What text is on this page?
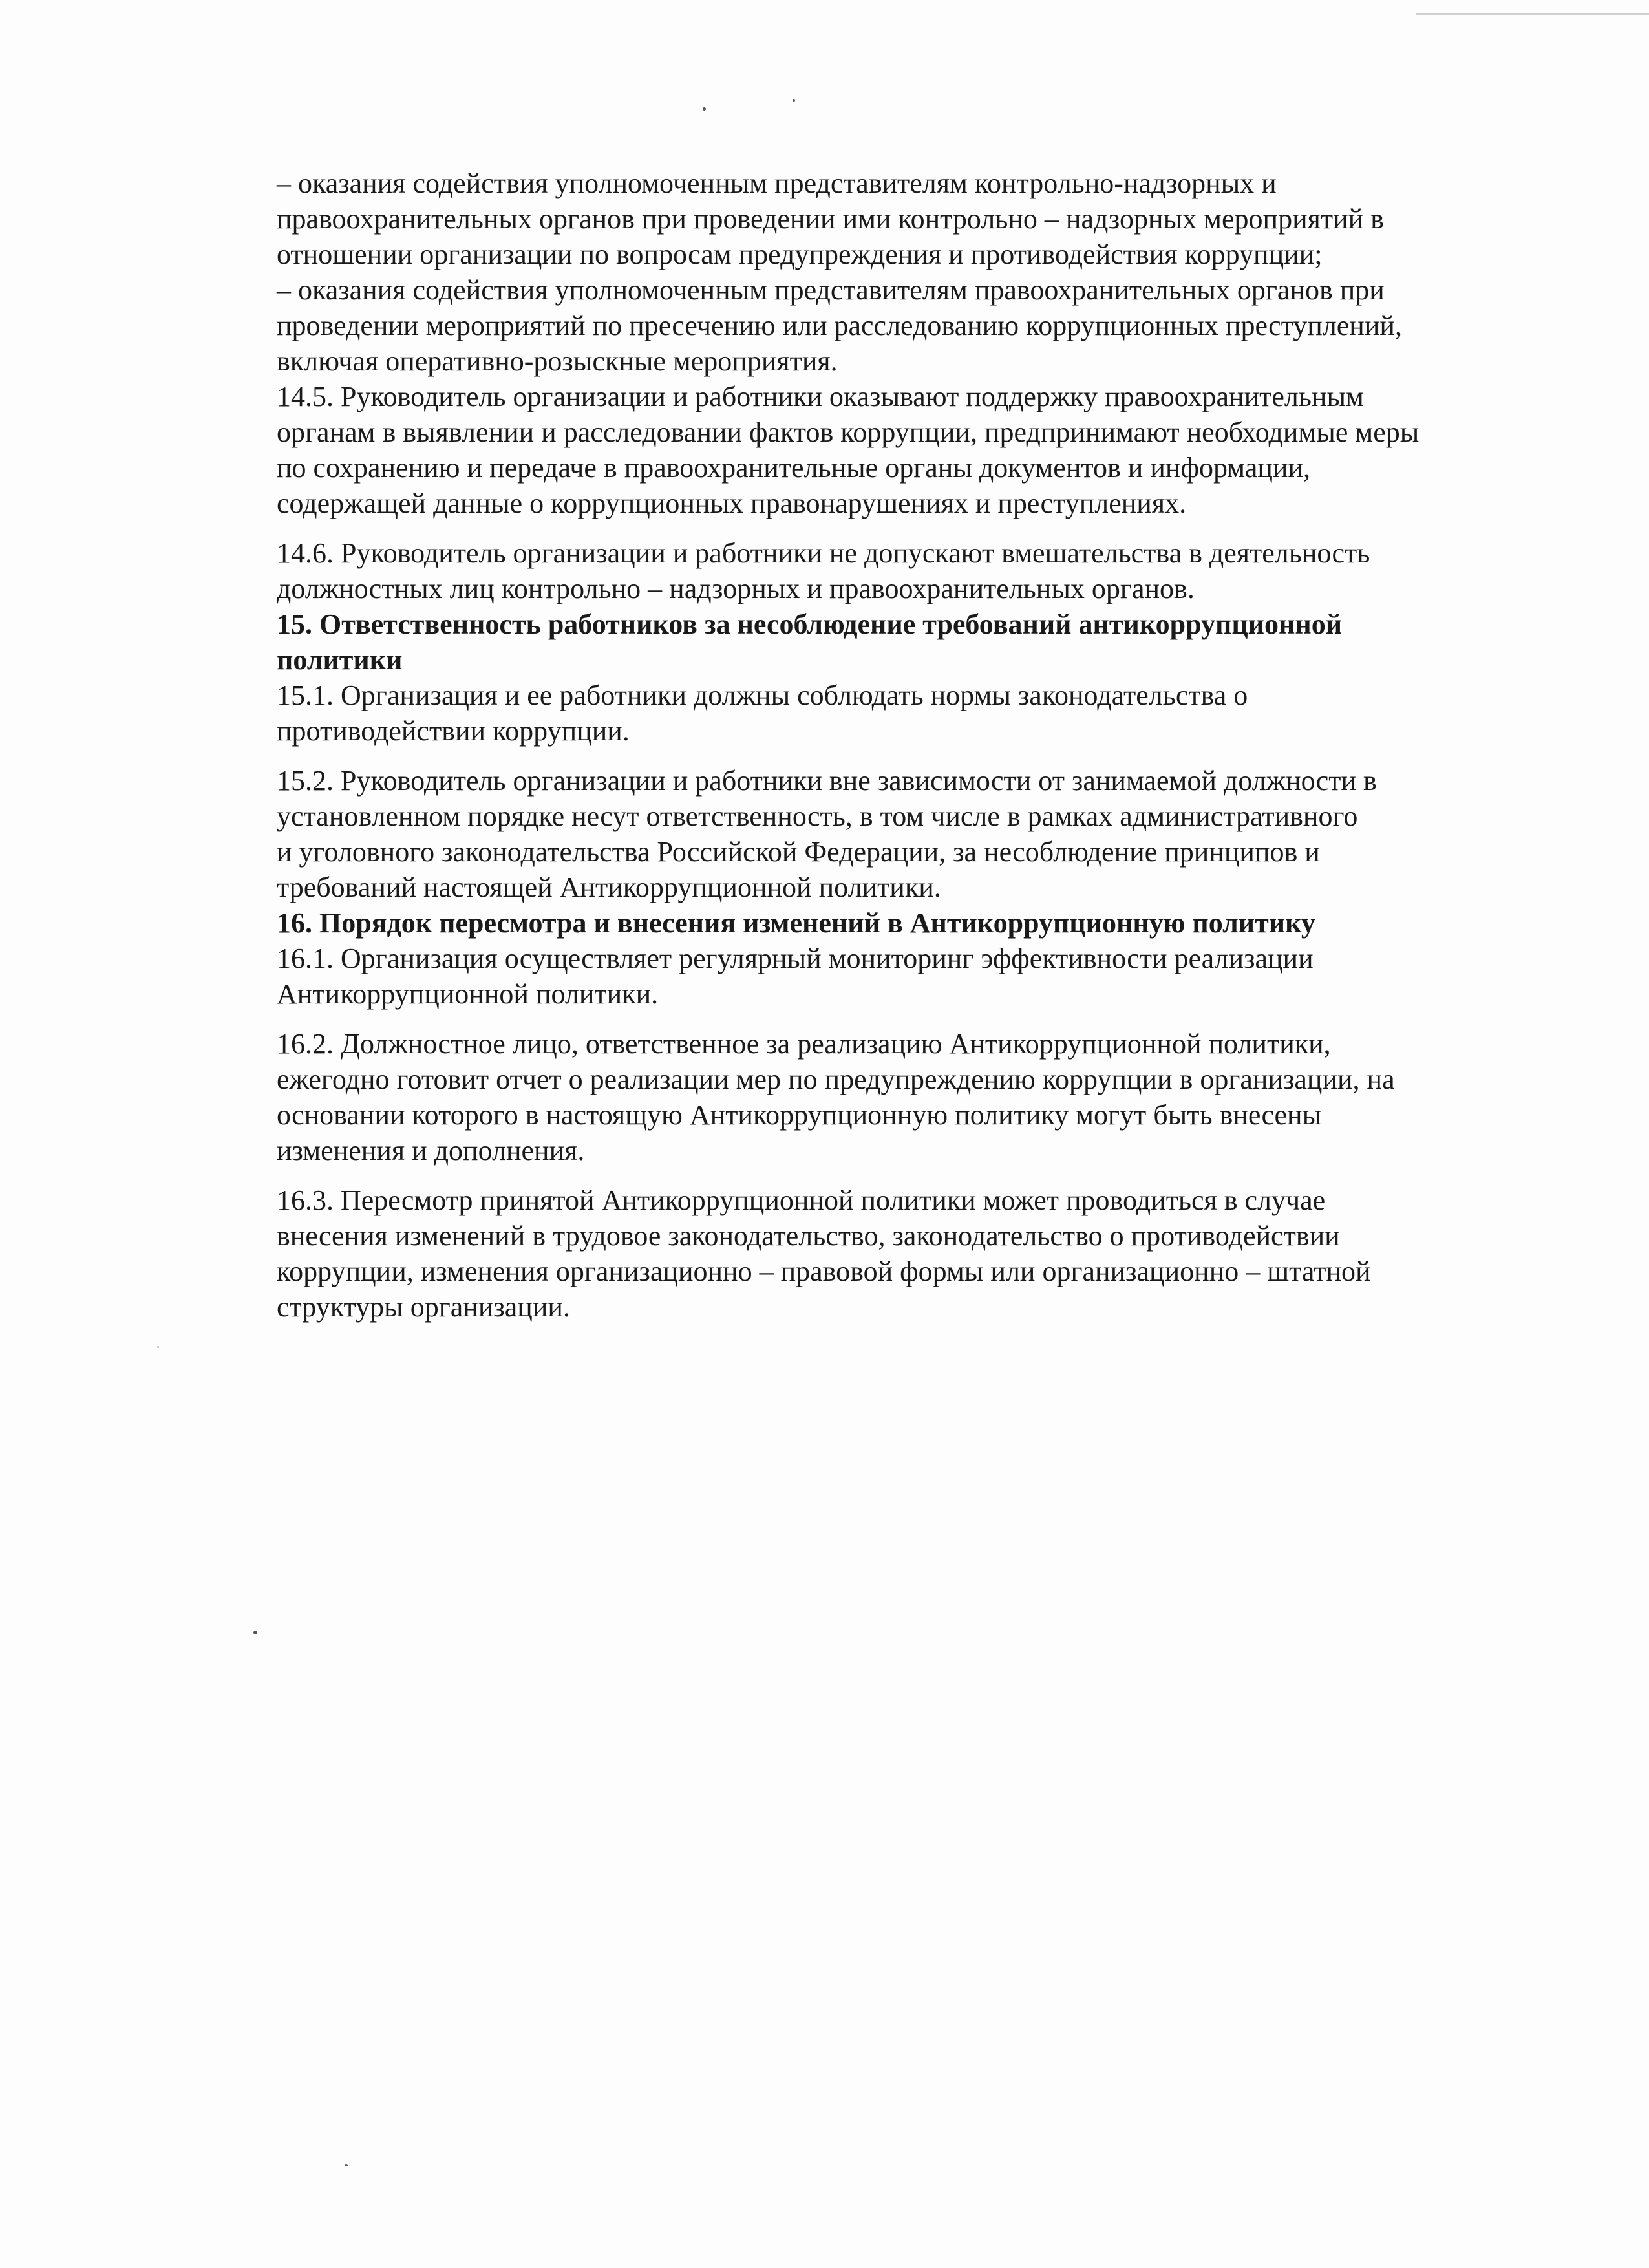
– оказания содействия уполномоченным представителям контрольно-надзорных и
правоохранительных органов при проведении ими контрольно – надзорных мероприятий в
отношении организации по вопросам предупреждения и противодействия коррупции;
– оказания содействия уполномоченным представителям правоохранительных органов при
проведении мероприятий по пресечению или расследованию коррупционных преступлений,
включая оперативно-розыскные мероприятия.
14.5. Руководитель организации и работники оказывают поддержку правоохранительным
органам в выявлении и расследовании фактов коррупции, предпринимают необходимые меры
по сохранению и передаче в правоохранительные органы документов и информации,
содержащей данные о коррупционных правонарушениях и преступлениях.
14.6. Руководитель организации и работники не допускают вмешательства в деятельность
должностных лиц контрольно – надзорных и правоохранительных органов.
15. Ответственность работников за несоблюдение требований антикоррупционной
политики
15.1. Организация и ее работники должны соблюдать нормы законодательства о
противодействии коррупции.
15.2. Руководитель организации и работники вне зависимости от занимаемой должности в
установленном порядке несут ответственность, в том числе в рамках административного
и уголовного законодательства Российской Федерации, за несоблюдение принципов и
требований настоящей Антикоррупционной политики.
16. Порядок пересмотра и внесения изменений в Антикоррупционную политику
16.1. Организация осуществляет регулярный мониторинг эффективности реализации
Антикоррупционной политики.
16.2. Должностное лицо, ответственное за реализацию Антикоррупционной политики,
ежегодно готовит отчет о реализации мер по предупреждению коррупции в организации, на
основании которого в настоящую Антикоррупционную политику могут быть внесены
изменения и дополнения.
16.3. Пересмотр принятой Антикоррупционной политики может проводиться в случае
внесения изменений в трудовое законодательство, законодательство о противодействии
коррупции, изменения организационно – правовой формы или организационно – штатной
структуры организации.
